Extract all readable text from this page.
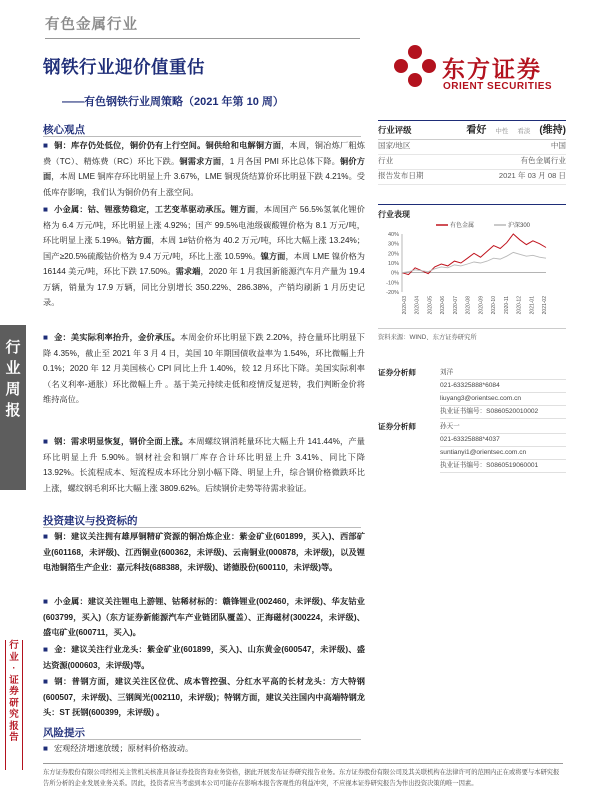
有色金属行业
钢铁行业迎价值重估
——有色钢铁行业周策略（2021 年第 10 周）
东方证券
ORIENT SECURITIES
行业周报
行业·证券研究报告
核心观点
■ 铜：库存仍处低位，铜价仍有上行空间。铜供给和电解铜方面，本周，铜冶炼厂粗炼费（TC）、精炼费（RC）环比下跌。铜需求方面，1 月各国 PMI 环比总体下降。铜价方面，本周 LME 铜库存环比明显上升 3.67%，LME 铜现货结算价环比明显下跌 4.21%。受低库存影响，我们认为铜价仍有上涨空间。
■ 小金属：钴、锂涨势稳定，工艺变革驱动承压。锂方面，本周国产 56.5%氢氧化锂价格为 6.4 万元/吨，环比明显上涨 4.92%；国产 99.5%电池级碳酸锂价格为 8.1 万元/吨，环比明显上涨 5.19%。钴方面，本周 1#钴价格为 40.2 万元/吨，环比大幅上涨 13.24%；国产≥20.5%硫酸钴价格为 9.4 万元/吨，环比上涨 10.59%。镍方面，本周 LME 镍价格为 16144 美元/吨，环比下跌 17.50%。需求端，2020 年 1 月我国新能源汽车月产量为 19.4 万辆，销量为 17.9 万辆，同比分别增长 350.22%、286.38%，产销均刷新 1 月历史记录。
■ 金：美实际利率抬升，金价承压。本周金价环比明显下跌 2.20%，持仓量环比明显下降 4.35%，截止至 2021 年 3 月 4 日，美国 10 年期国债收益率为 1.54%，环比微幅上升 0.1%；2020 年 12 月美国核心 CPI 同比上升 1.40%，较 12 月环比下降。美国实际利率（名义利率-通胀）环比微幅上升 。基于美元持续走低和疫情反复逆转，我们判断金价将维持高位。
■ 钢：需求明显恢复，钢价全面上涨。本周螺纹钢消耗量环比大幅上升 141.44%，产量环比明显上升 5.90%。钢材社会和钢厂库存合计环比明显上升 3.41%、同比下降 13.92%。长流程成本、短流程成本环比分别小幅下降、明显上升，综合钢价格微跌环比上涨，螺纹钢毛利环比大幅上涨 3809.62%。后续钢价走势等待需求验证。
投资建议与投资标的
■ 铜：建议关注拥有雄厚铜精矿资源的铜冶炼企业：紫金矿业(601899，买入)、西部矿业(601168，未评级)、江西铜业(600362，未评级)、云南铜业(000878，未评级)，以及锂电池铜箔生产企业：嘉元科技(688388，未评级)、诺德股份(600110，未评级)等。
■ 小金属：建议关注锂电上游锂、钴稀材标的：赣锋锂业(002460，未评级)、华友钴业(603799，买入)（东方证券新能源汽车产业链团队覆盖）、正海磁材(300224，未评级)、盛屯矿业(600711，买入)。
■ 金：建议关注行业龙头：紫金矿业(601899，买入)、山东黄金(600547，未评级)、盛达资源(000603，未评级)等。
■ 钢：普钢方面，建议关注区位优、成本管控强、分红水平高的长材龙头：方大特钢(600507，未评级)、三钢闽光(002110，未评级)；特钢方面，建议关注国内中高端特钢龙头：ST 抚钢(600399，未评级) 。
风险提示
■ 宏观经济增速放缓；原材料价格波动。
行业评级	看好 中性 看淡 (维持)
国家/地区	中国
行业	有色金属行业
报告发布日期	2021 年 03 月 08 日
行业表现
40%
30%
20%
10%
0%
-10%
-20%
2020-03 2020-04 2020-05 2020-06 2020-07 2020-08 2020-09 2020-10 2020-11 2020-12 2021-01 2021-02
有色金属	沪深300
资料来源：WIND、东方证券研究所
证券分析师	刘洋
021-63325888*6084
liuyang3@orientsec.com.cn
执业证书编号：S0860520010002
证券分析师	孙天一
021-63325888*4037
suntianyi1@orientsec.com.cn
执业证书编号：S0860519060001
东方证券股份有限公司经相关主管机关核准具备证券投资咨询业务资格，据此开展发布证券研究报告业务。东方证券股份有限公司及其关联机构在法律许可的范围内正在或将要与本研究报告所分析的企业发展业务关系。因此，投资者应当考虑到本公司可能存在影响本报告客观性的利益冲突，不应视本证券研究报告为作出投资决策的唯一因素。
